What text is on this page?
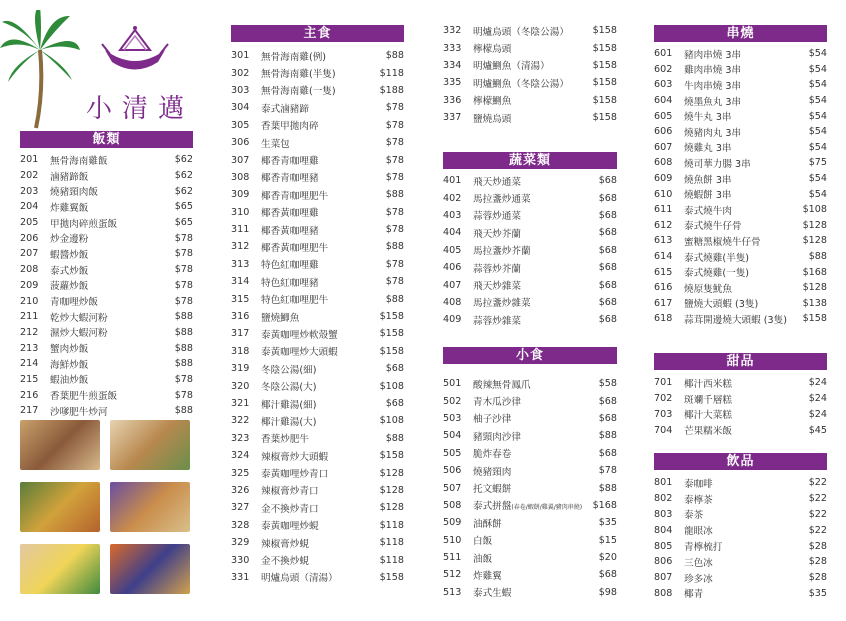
小清邁
飯類
201	無骨海南雞飯	$62
202	滷豬蹄飯	$62
203	燒豬頸肉飯	$62
204	炸雞翼飯	$65
205	甲拋肉碎煎蛋飯	$65
206	炒金邊粉	$78
207	蝦醬炒飯	$78
208	泰式炒飯	$78
209	菠蘿炒飯	$78
210	青咖哩炒飯	$78
211	乾炒大蝦河粉	$88
212	濕炒大蝦河粉	$88
213	蟹肉炒飯	$88
214	海鮮炒飯	$88
215	蝦油炒飯	$78
216	香葉肥牛煎蛋飯	$78
217	沙嗲肥牛炒河	$88
主食
301	無骨海南雞(例)	$88
302	無骨海南雞(半隻)	$118
303	無骨海南雞(一隻)	$188
304	泰式滷豬蹄	$78
305	香葉甲拋肉碎	$78
306	生菜包	$78
307	椰香青咖哩雞	$78
308	椰香青咖哩豬	$78
309	椰香青咖哩肥牛	$88
310	椰香黃咖哩雞	$78
311	椰香黃咖哩豬	$78
312	椰香黃咖哩肥牛	$88
313	特色紅咖哩雞	$78
314	特色紅咖哩豬	$78
315	特色紅咖哩肥牛	$88
316	鹽燒鯽魚	$158
317	泰黃咖哩炒軟殼蟹	$158
318	泰黃咖哩炒大頭蝦	$158
319	冬陰公湯(細)	$68
320	冬陰公湯(大)	$108
321	椰汁雞湯(細)	$68
322	椰汁雞湯(大)	$108
323	香葉炒肥牛	$88
324	辣椒膏炒大頭蝦	$158
325	泰黃咖哩炒青口	$128
326	辣椒膏炒青口	$128
327	金不換炒青口	$128
328	泰黃咖哩炒蜆	$118
329	辣椒膏炒蜆	$118
330	金不換炒蜆	$118
331	明爐烏頭（清湯）	$158
332	明爐烏頭（冬陰公湯）	$158
333	檸檬烏頭	$158
334	明爐鰂魚（清湯）	$158
335	明爐鰂魚（冬陰公湯）	$158
336	檸檬鰂魚	$158
337	鹽燒烏頭	$158
蔬菜類
401	飛天炒通菜	$68
402	馬拉盞炒通菜	$68
403	蒜蓉炒通菜	$68
404	飛天炒芥蘭	$68
405	馬拉盞炒芥蘭	$68
406	蒜蓉炒芥蘭	$68
407	飛天炒雜菜	$68
408	馬拉盞炒雜菜	$68
409	蒜蓉炒雜菜	$68
小食
501	酸辣無骨鳳爪	$58
502	青木瓜沙律	$68
503	柚子沙律	$68
504	豬頸肉沙律	$88
505	脆炸春卷	$68
506	燒豬頸肉	$78
507	托文蝦餅	$88
508	泰式拼盤(春卷/蝦餅/雞翼/豬肉串燒)	$168
509	油酥餅	$35
510	白飯	$15
511	油飯	$20
512	炸雞翼	$68
513	泰式生蝦	$98
串燒
601	豬肉串燒 3串	$54
602	雞肉串燒 3串	$54
603	牛肉串燒 3串	$54
604	燒墨魚丸 3串	$54
605	燒牛丸 3串	$54
606	燒豬肉丸 3串	$54
607	燒雞丸 3串	$54
608	燒司華力腸 3串	$75
609	燒魚餅 3串	$54
610	燒蝦餅 3串	$54
611	泰式燒牛肉	$108
612	泰式燒牛仔骨	$128
613	蜜糖黑椒燒牛仔骨	$128
614	泰式燒雞(半隻)	$88
615	泰式燒雞(一隻)	$168
616	燒原隻魷魚	$128
617	鹽燒大頭蝦 (3隻)	$138
618	蒜茸開邊燒大頭蝦 (3隻)	$158
甜品
701	椰汁西米糕	$24
702	斑斕千層糕	$24
703	椰汁大菜糕	$24
704	芒果糯米飯	$45
飲品
801	泰咖啡	$22
802	泰檸茶	$22
803	泰茶	$22
804	龍眼冰	$22
805	青檸梳打	$28
806	三色冰	$28
807	珍多冰	$28
808	椰青	$35
